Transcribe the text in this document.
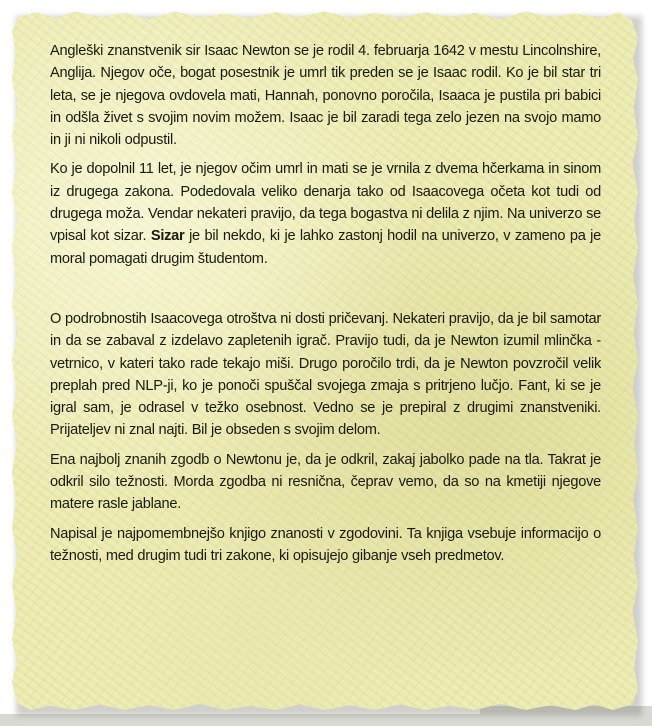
Angleški znanstvenik sir Isaac Newton se je rodil 4. februarja 1642 v mestu Lincolnshire, Anglija. Njegov oče, bogat posestnik je umrl tik preden se je Isaac rodil. Ko je bil star tri leta, se je njegova ovdovela mati, Hannah, ponovno poročila, Isaaca je pustila pri babici in odšla živet s svojim novim možem. Isaac je bil zaradi tega zelo jezen na svojo mamo in ji ni nikoli odpustil.

Ko je dopolnil 11 let, je njegov očim umrl in mati se je vrnila z dvema hčerkama in sinom iz drugega zakona. Podedovala veliko denarja tako od Isaacovega očeta kot tudi od drugega moža. Vendar nekateri pravijo, da tega bogastva ni delila z njim. Na univerzo se vpisal kot sizar. Sizar je bil nekdo, ki je lahko zastonj hodil na univerzo, v zameno pa je moral pomagati drugim študentom.

O podrobnostih Isaacovega otroštva ni dosti pričevanj. Nekateri pravijo, da je bil samotar in da se zabaval z izdelavo zapletenih igrač. Pravijo tudi, da je Newton izumil mlinčka - vetrnico, v kateri tako rade tekajo miši. Drugo poročilo trdi, da je Newton povzročil velik preplah pred NLP-ji, ko je ponoči spuščal svojega zmaja s pritrjeno lučjo. Fant, ki se je igral sam, je odrasel v težko osebnost. Vedno se je prepiral z drugimi znanstveniki. Prijateljev ni znal najti. Bil je obseden s svojim delom.

Ena najbolj znanih zgodb o Newtonu je, da je odkril, zakaj jabolko pade na tla. Takrat je odkril silo težnosti. Morda zgodba ni resnična, čeprav vemo, da so na kmetiji njegove matere rasle jablane.

Napisal je najpomembnejšo knjigo znanosti v zgodovini. Ta knjiga vsebuje informacijo o težnosti, med drugim tudi tri zakone, ki opisujejo gibanje vseh predmetov.
